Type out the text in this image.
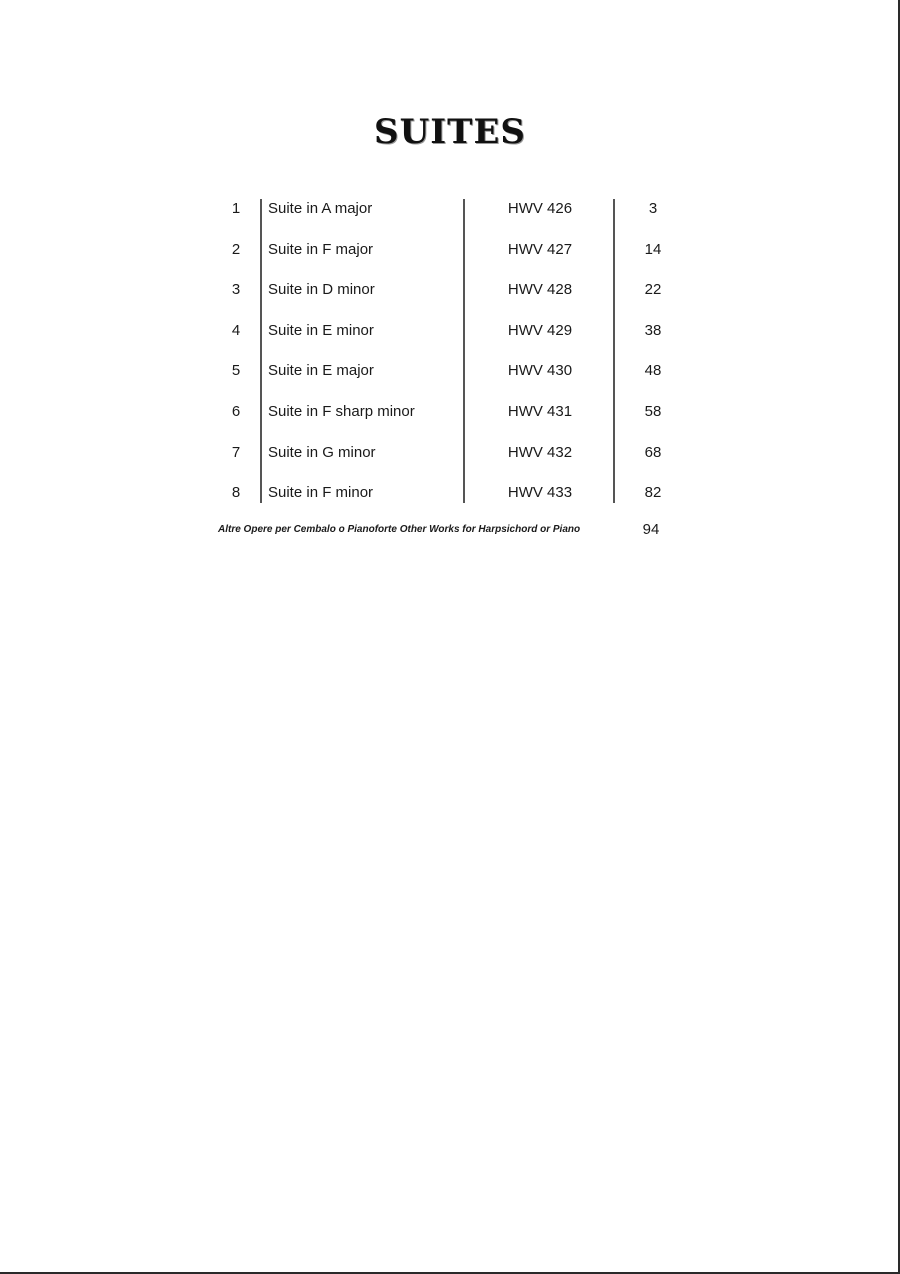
SUITES
1	Suite in A major	HWV 426	3
2	Suite in F major	HWV 427	14
3	Suite in D minor	HWV 428	22
4	Suite in E minor	HWV 429	38
5	Suite in E major	HWV 430	48
6	Suite in F sharp minor	HWV 431	58
7	Suite in G minor	HWV 432	68
8	Suite in F minor	HWV 433	82
Altre Opere per Cembalo o Pianoforte Other Works for Harpsichord or Piano	94
